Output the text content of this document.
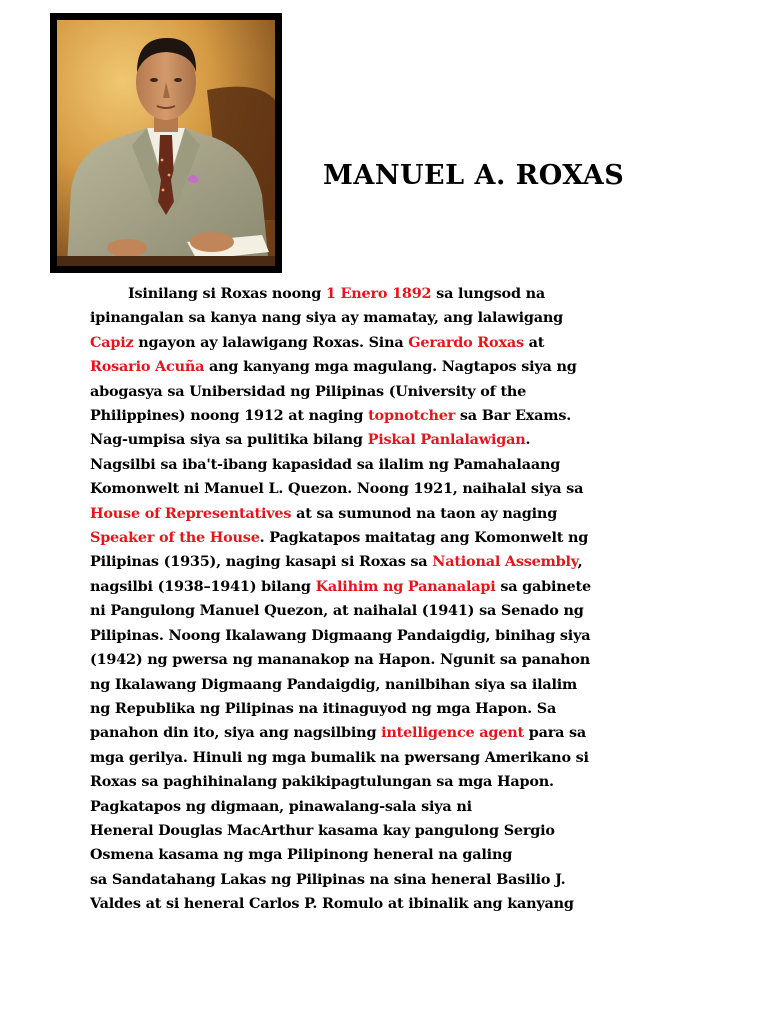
MANUEL A. ROXAS
Isinilang si Roxas noong 1 Enero 1892 sa lungsod na
ipinangalan sa kanya nang siya ay mamatay, ang lalawigang
Capiz ngayon ay lalawigang Roxas. Sina Gerardo Roxas at
Rosario Acuña ang kanyang mga magulang. Nagtapos siya ng
abogasya sa Unibersidad ng Pilipinas (University of the
Philippines) noong 1912 at naging topnotcher sa Bar Exams.
Nag-umpisa siya sa pulitika bilang Piskal Panlalawigan.
Nagsilbi sa iba't-ibang kapasidad sa ilalim ng Pamahalaang
Komonwelt ni Manuel L. Quezon. Noong 1921, naihalal siya sa
House of Representatives at sa sumunod na taon ay naging
Speaker of the House. Pagkatapos maitatag ang Komonwelt ng
Pilipinas (1935), naging kasapi si Roxas sa National Assembly,
nagsilbi (1938–1941) bilang Kalihim ng Pananalapi sa gabinete
ni Pangulong Manuel Quezon, at naihalal (1941) sa Senado ng
Pilipinas. Noong Ikalawang Digmaang Pandaigdig, binihag siya
(1942) ng pwersa ng mananakop na Hapon. Ngunit sa panahon
ng Ikalawang Digmaang Pandaigdig, nanilbihan siya sa ilalim
ng Republika ng Pilipinas na itinaguyod ng mga Hapon. Sa
panahon din ito, siya ang nagsilbing intelligence agent para sa
mga gerilya. Hinuli ng mga bumalik na pwersang Amerikano si
Roxas sa paghihinalang pakikipagtulungan sa mga Hapon.
Pagkatapos ng digmaan, pinawalang-sala siya ni
Heneral Douglas MacArthur kasama kay pangulong Sergio
Osmena kasama ng mga Pilipinong heneral na galing
sa Sandatahang Lakas ng Pilipinas na sina heneral Basilio J.
Valdes at si heneral Carlos P. Romulo at ibinalik ang kanyang
